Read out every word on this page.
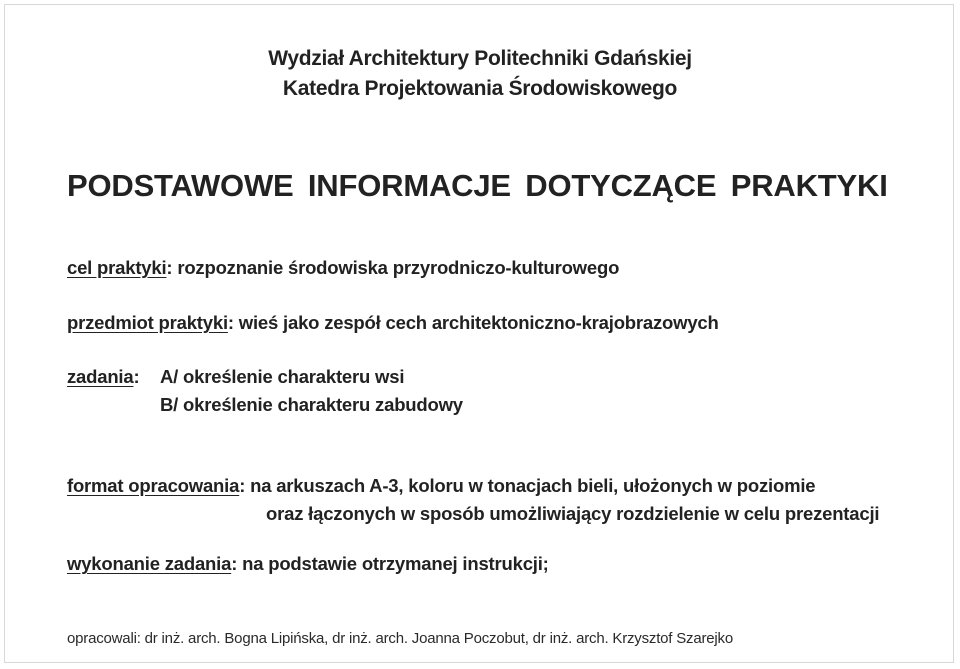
Wydział Architektury Politechniki Gdańskiej
Katedra Projektowania Środowiskowego
PODSTAWOWE INFORMACJE DOTYCZĄCE PRAKTYKI
cel praktyki: rozpoznanie środowiska przyrodniczo-kulturowego
przedmiot praktyki: wieś jako zespół cech architektoniczno-krajobrazowych
zadania: A/ określenie charakteru wsi
B/ określenie charakteru zabudowy
format opracowania: na arkuszach A-3, koloru w tonacjach bieli, ułożonych w poziomie
oraz łączonych w sposób umożliwiający rozdzielenie w celu prezentacji
wykonanie zadania: na podstawie otrzymanej instrukcji;
opracowali: dr inż. arch. Bogna Lipińska, dr inż. arch. Joanna Poczobut, dr inż. arch. Krzysztof Szarejko
